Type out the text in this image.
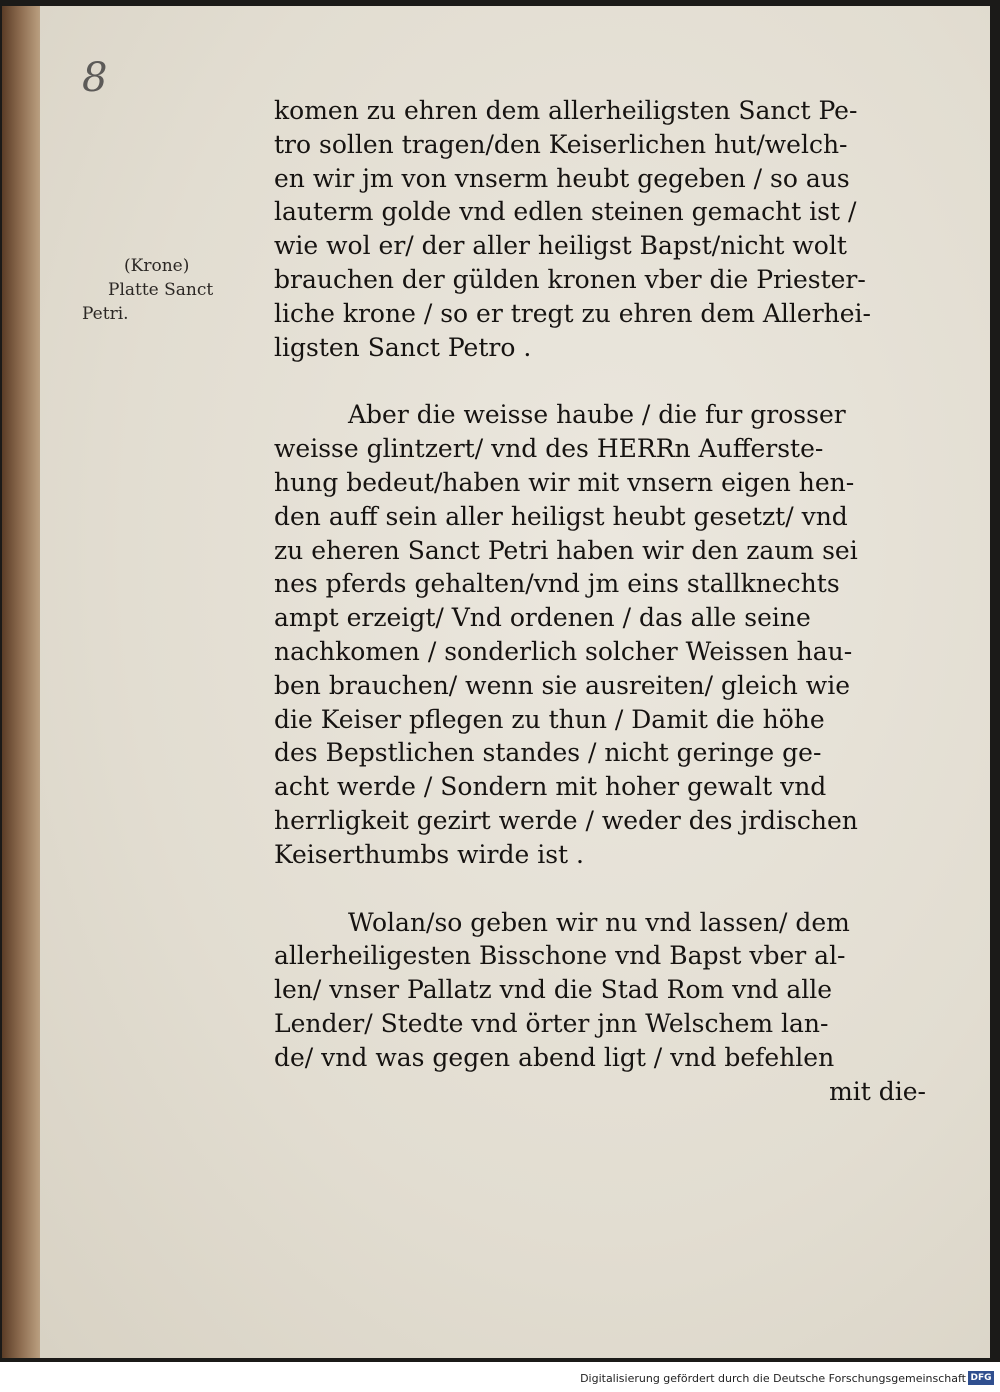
8
(Krone)
Platte Sanct
Petri.
komen zu ehren dem allerheiligsten Sanct Pe-
tro sollen tragen/den Keiserlichen hut/welch-
en wir jm von vnserm heubt gegeben / so aus
lauterm golde vnd edlen steinen gemacht ist /
wie wol er/ der aller heiligst Bapst/nicht wolt
brauchen der gülden kronen vber die Priester-
liche krone / so er tregt zu ehren dem Allerhei-
ligsten Sanct Petro .
Aber die weisse haube / die fur grosser
weisse glintzert/ vnd des HERRn Aufferste-
hung bedeut/haben wir mit vnsern eigen hen-
den auff sein aller heiligst heubt gesetzt/ vnd
zu eheren Sanct Petri haben wir den zaum sei
nes pferds gehalten/vnd jm eins stallknechts
ampt erzeigt/ Vnd ordenen / das alle seine
nachkomen / sonderlich solcher Weissen hau-
ben brauchen/ wenn sie ausreiten/ gleich wie
die Keiser pflegen zu thun / Damit die höhe
des Bepstlichen standes / nicht geringe ge-
acht werde / Sondern mit hoher gewalt vnd
herrligkeit gezirt werde / weder des jrdischen
Keiserthumbs wirde ist .
Wolan/so geben wir nu vnd lassen/ dem
allerheiligesten Bisschone vnd Bapst vber al-
len/ vnser Pallatz vnd die Stad Rom vnd alle
Lender/ Stedte vnd örter jnn Welschem lan-
de/ vnd was gegen abend ligt / vnd befehlen
mit die-
Digitalisierung gefördert durch die Deutsche Forschungsgemeinschaft DFG
